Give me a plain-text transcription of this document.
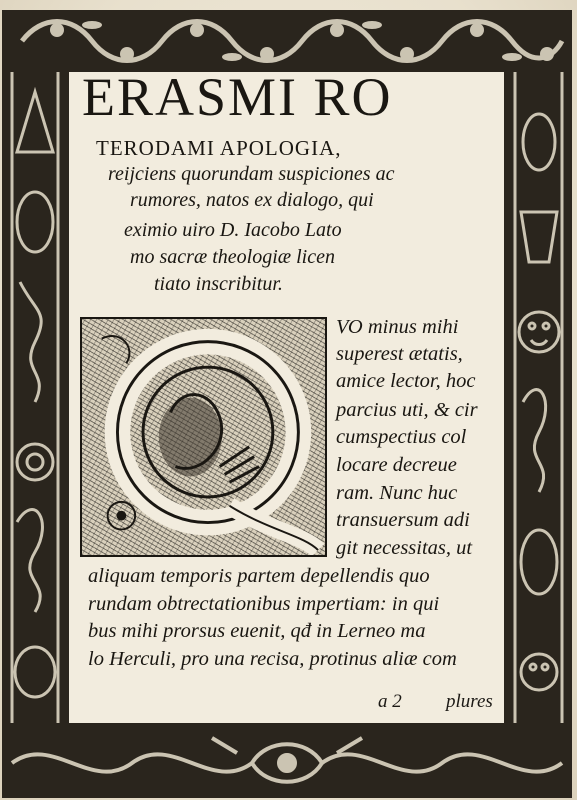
ERASMI RO
TERODAMI APOLOGIA,
reijciens quorundam suspiciones ac
rumores, natos ex dialogo, qui
eximio uiro D. Iacobo Lato
mo sacræ theologiæ licen
tiato inscribitur.
VO minus mihi
superest ætatis,
amice lector, hoc
parcius uti, & cir
cumspectius col
locare decreue
ram. Nunc huc
transuersum adi
git necessitas, ut
aliquam temporis partem depellendis quo
rundam obtrectationibus impertiam: in qui
bus mihi prorsus euenit, qđ in Lerneo ma
lo Herculi, pro una recisa, protinus aliæ com
a 2 plures
